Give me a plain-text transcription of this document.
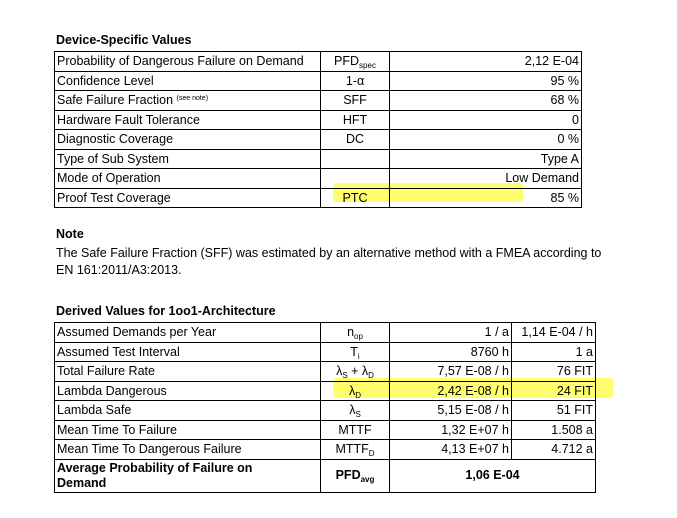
Device-Specific Values
Probability of Dangerous Failure on Demand	$PFD_{spec}$	2,12 E-04
Confidence Level	1-α	95 %
Safe Failure Fraction $^{(see note)}$	SFF	68 %
Hardware Fault Tolerance	HFT	0
Diagnostic Coverage	DC	0 %
Type of Sub System		Type A
Mode of Operation		Low Demand
Proof Test Coverage	PTC	85 %
Note
The Safe Failure Fraction (SFF) was estimated by an alternative method with a FMEA according to
EN 161:2011/A3:2013.
Derived Values for 1oo1-Architecture
Assumed Demands per Year	$n_{op}$	1 / a	1,14 E-04 / h
Assumed Test Interval	$T_i$	8760 h	1 a
Total Failure Rate	$\lambda_S + \lambda_D$	7,57 E-08 / h	76 FIT
Lambda Dangerous	$\lambda_D$	2,42 E-08 / h	24 FIT
Lambda Safe	$\lambda_S$	5,15 E-08 / h	51 FIT
Mean Time To Failure	MTTF	1,32 E+07 h	1.508 a
Mean Time To Dangerous Failure	$MTTF_D$	4,13 E+07 h	4.712 a
Average Probability of Failure on
Demand	$PFD_{avg}$	1,06 E-04	
